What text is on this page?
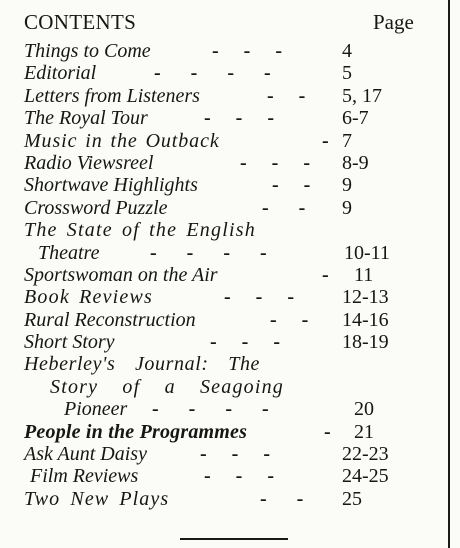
CONTENTS	Page
Things to Come	-     -     -	4
Editorial	-      -      -      -	5
Letters from Listeners	-     - 5, 17
The Royal Tour	-     -     -	6-7
Music in the Outback	- 7
Radio Viewsreel	-     -     - 8-9
Shortwave Highlights	-     - 9
Crossword Puzzle	-      - 9
The State of the English
Theatre	-      -      -      -	10-11
Sportswoman on the Air	- 11
Book Reviews	-     -     - 12-13
Rural Reconstruction	-     - 14-16
Short Story	-     -     -	18-19
Heberley's Journal: The
Story of a Seagoing
Pioneer -      -      -      -	20
People in the Programmes	- 21
Ask Aunt Daisy	-     -     -	22-23
Film Reviews	-     -     -	24-25
Two New Plays	-      - 25
